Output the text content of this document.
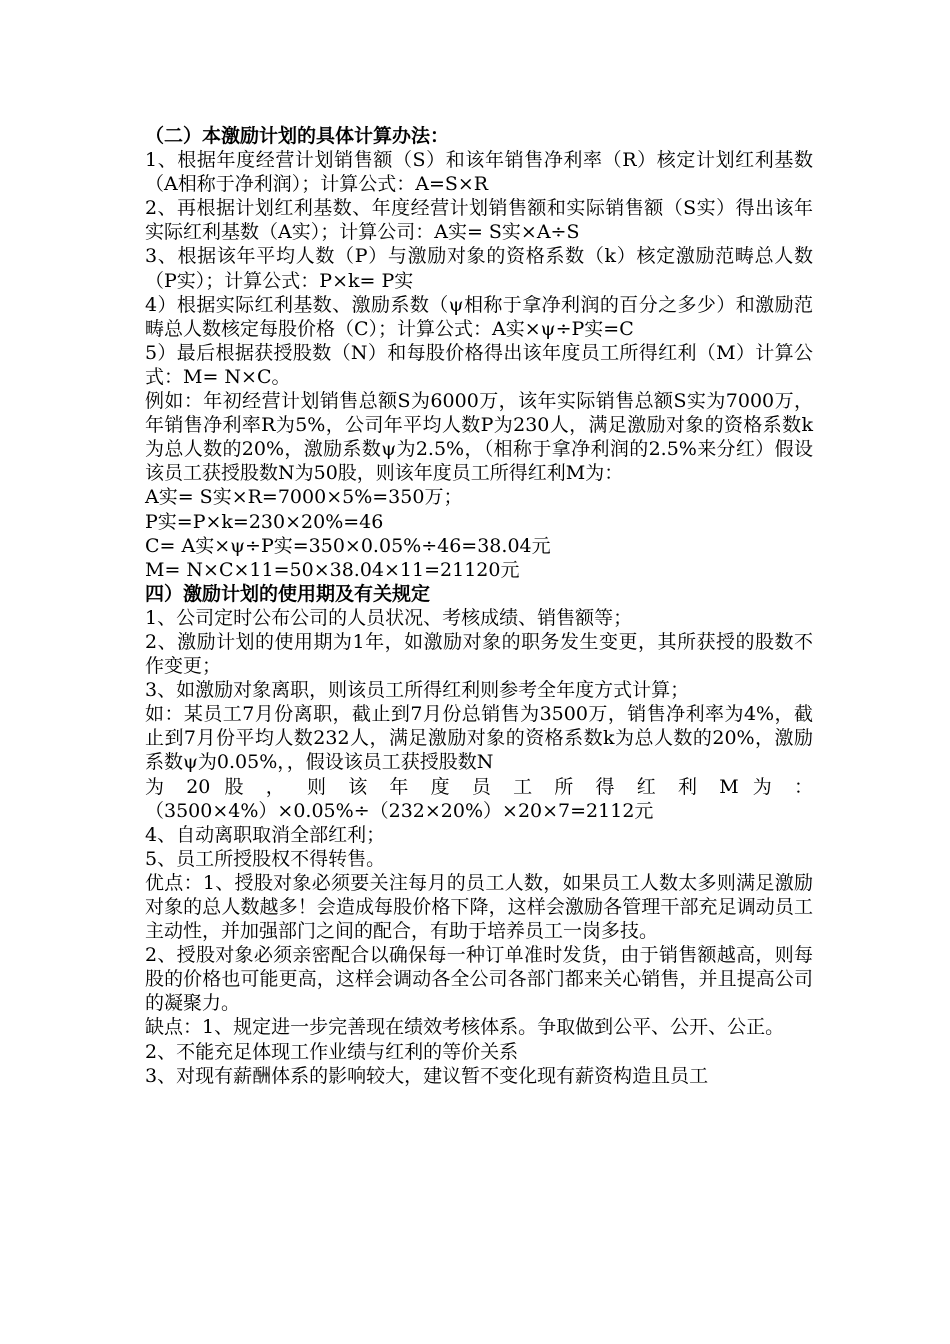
（二）本激励计划的具体计算办法：

1、根据年度经营计划销售额（S）和该年销售净利率（R）核定计划红利基数（A相称于净利润）；计算公式：A=S×R

2、再根据计划红利基数、年度经营计划销售额和实际销售额（S实）得出该年实际红利基数（A实）；计算公司：A实= S实×A÷S

3、根据该年平均人数（P）与激励对象的资格系数（k）核定激励范畴总人数（P实）；计算公式：P×k= P实

4）根据实际红利基数、激励系数（ψ相称于拿净利润的百分之多少）和激励范畴总人数核定每股价格（C）；计算公式：A实×ψ÷P实=C

5）最后根据获授股数（N）和每股价格得出该年度员工所得红利（M）计算公式：M= N×C。

例如：年初经营计划销售总额S为6000万，该年实际销售总额S实为7000万，年销售净利率R为5%，公司年平均人数P为230人，满足激励对象的资格系数k为总人数的20%，激励系数ψ为2.5%，（相称于拿净利润的2.5%来分红）假设该员工获授股数N为50股，则该年度员工所得红利M为：

A实= S实×R=7000×5%=350万；

P实=P×k=230×20%=46

C= A实×ψ÷P实=350×0.05%÷46=38.04元

M= N×C×11=50×38.04×11=21120元

四）激励计划的使用期及有关规定

1、公司定时公布公司的人员状况、考核成绩、销售额等；

2、激励计划的使用期为1年，如激励对象的职务发生变更，其所获授的股数不作变更；

3、如激励对象离职，则该员工所得红利则参考全年度方式计算；

如：某员工7月份离职，截止到7月份总销售为3500万，销售净利率为4%，截止到7月份平均人数232人，满足激励对象的资格系数k为总人数的20%，激励系数ψ为0.05%，，假设该员工获授股数N

为 20 股 ， 则 该 年 度 员 工 所 得 红 利 M 为 ：

（3500×4%）×0.05%÷（232×20%）×20×7=2112元

4、自动离职取消全部红利；

5、员工所授股权不得转售。

优点：1、授股对象必须要关注每月的员工人数，如果员工人数太多则满足激励对象的总人数越多！会造成每股价格下降，这样会激励各管理干部充足调动员工主动性，并加强部门之间的配合，有助于培养员工一岗多技。

2、授股对象必须亲密配合以确保每一种订单准时发货，由于销售额越高，则每股的价格也可能更高，这样会调动各全公司各部门都来关心销售，并且提高公司的凝聚力。

缺点：1、规定进一步完善现在绩效考核体系。争取做到公平、公开、公正。

2、不能充足体现工作业绩与红利的等价关系

3、对现有薪酬体系的影响较大，建议暂不变化现有薪资构造且员工
